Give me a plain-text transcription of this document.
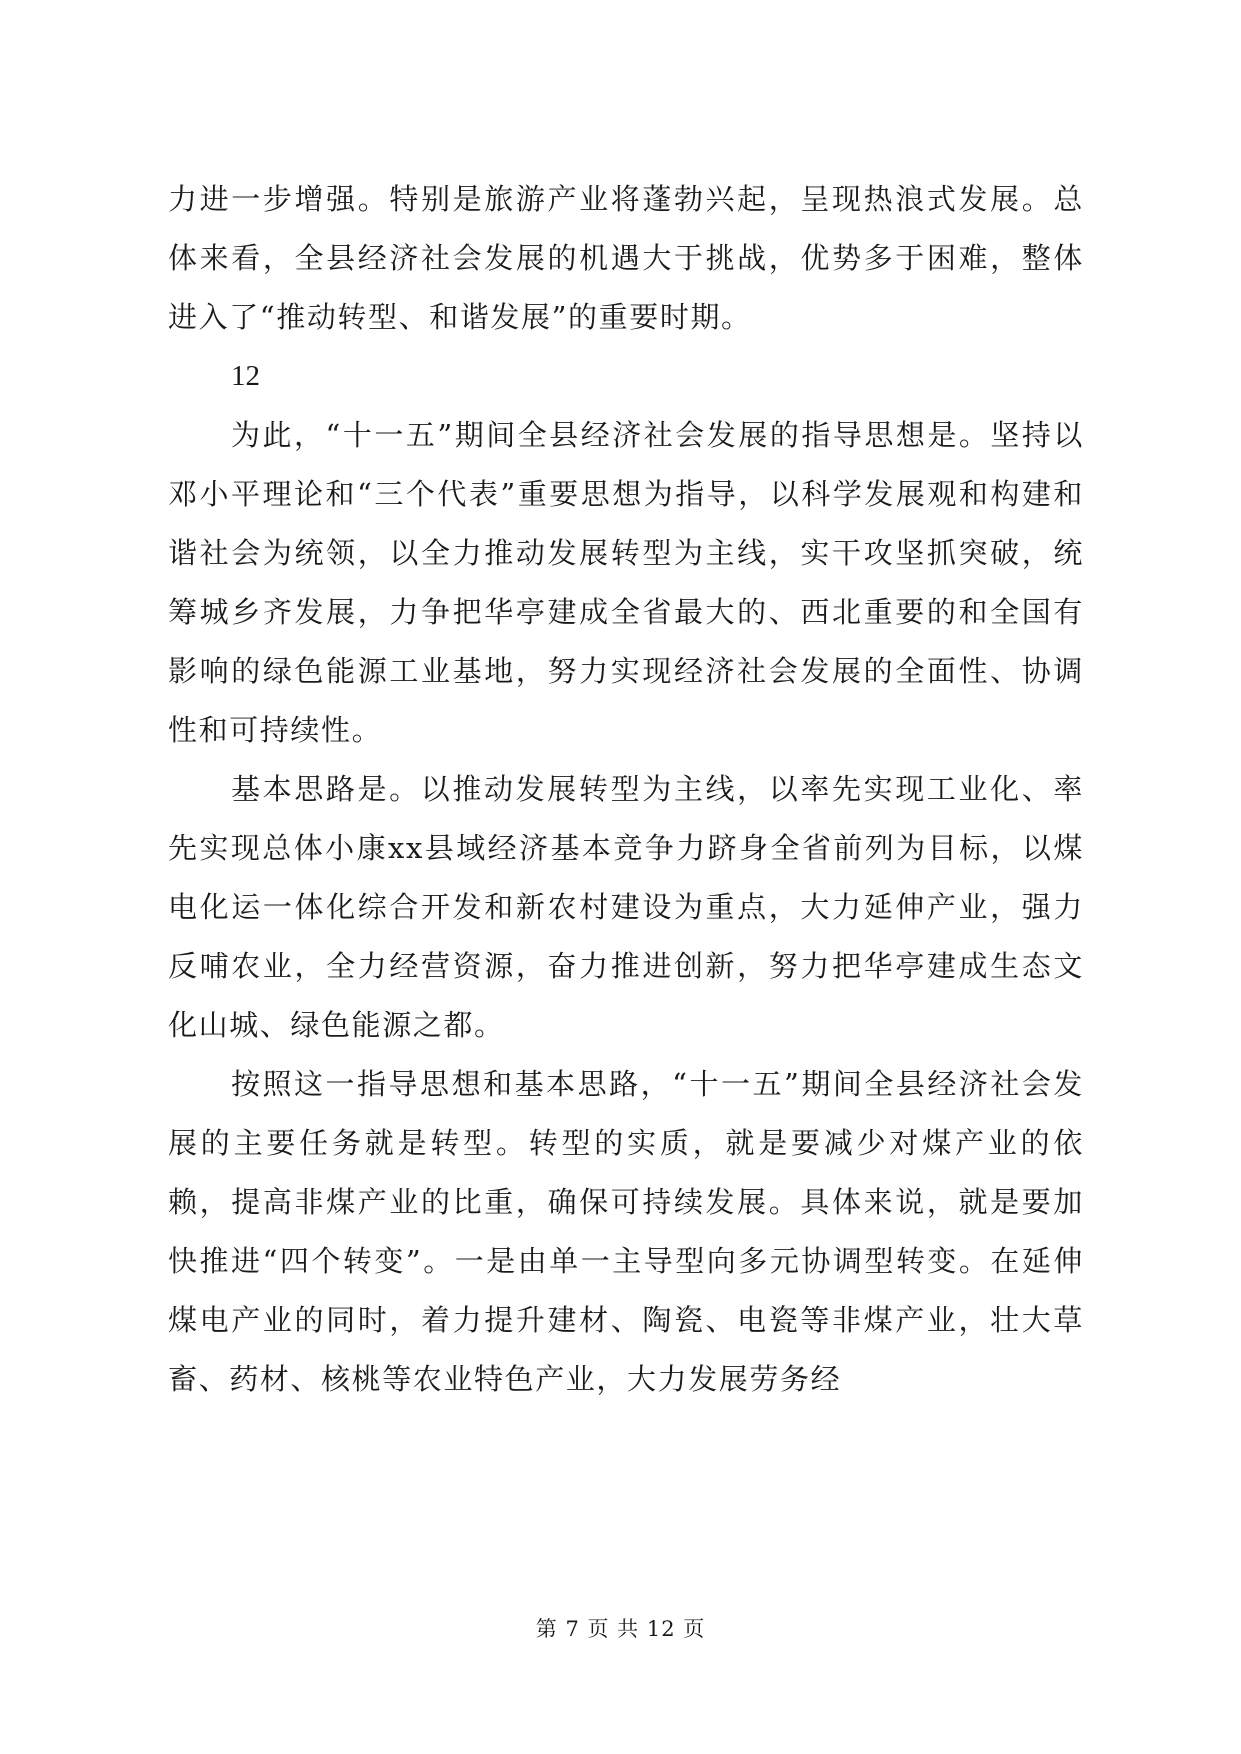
力进一步增强。特别是旅游产业将蓬勃兴起，呈现热浪式发展。总体来看，全县经济社会发展的机遇大于挑战，优势多于困难，整体进入了“推动转型、和谐发展”的重要时期。

12

为此，“十一五”期间全县经济社会发展的指导思想是。坚持以邓小平理论和“三个代表”重要思想为指导，以科学发展观和构建和谐社会为统领，以全力推动发展转型为主线，实干攻坚抓突破，统筹城乡齐发展，力争把华亭建成全省最大的、西北重要的和全国有影响的绿色能源工业基地，努力实现经济社会发展的全面性、协调性和可持续性。

基本思路是。以推动发展转型为主线，以率先实现工业化、率先实现总体小康xx县域经济基本竞争力跻身全省前列为目标，以煤电化运一体化综合开发和新农村建设为重点，大力延伸产业，强力反哺农业，全力经营资源，奋力推进创新，努力把华亭建成生态文化山城、绿色能源之都。

按照这一指导思想和基本思路，“十一五”期间全县经济社会发展的主要任务就是转型。转型的实质，就是要减少对煤产业的依赖，提高非煤产业的比重，确保可持续发展。具体来说，就是要加快推进“四个转变”。一是由单一主导型向多元协调型转变。在延伸煤电产业的同时，着力提升建材、陶瓷、电瓷等非煤产业，壮大草畜、药材、核桃等农业特色产业，大力发展劳务经

第 7 页 共 12 页
